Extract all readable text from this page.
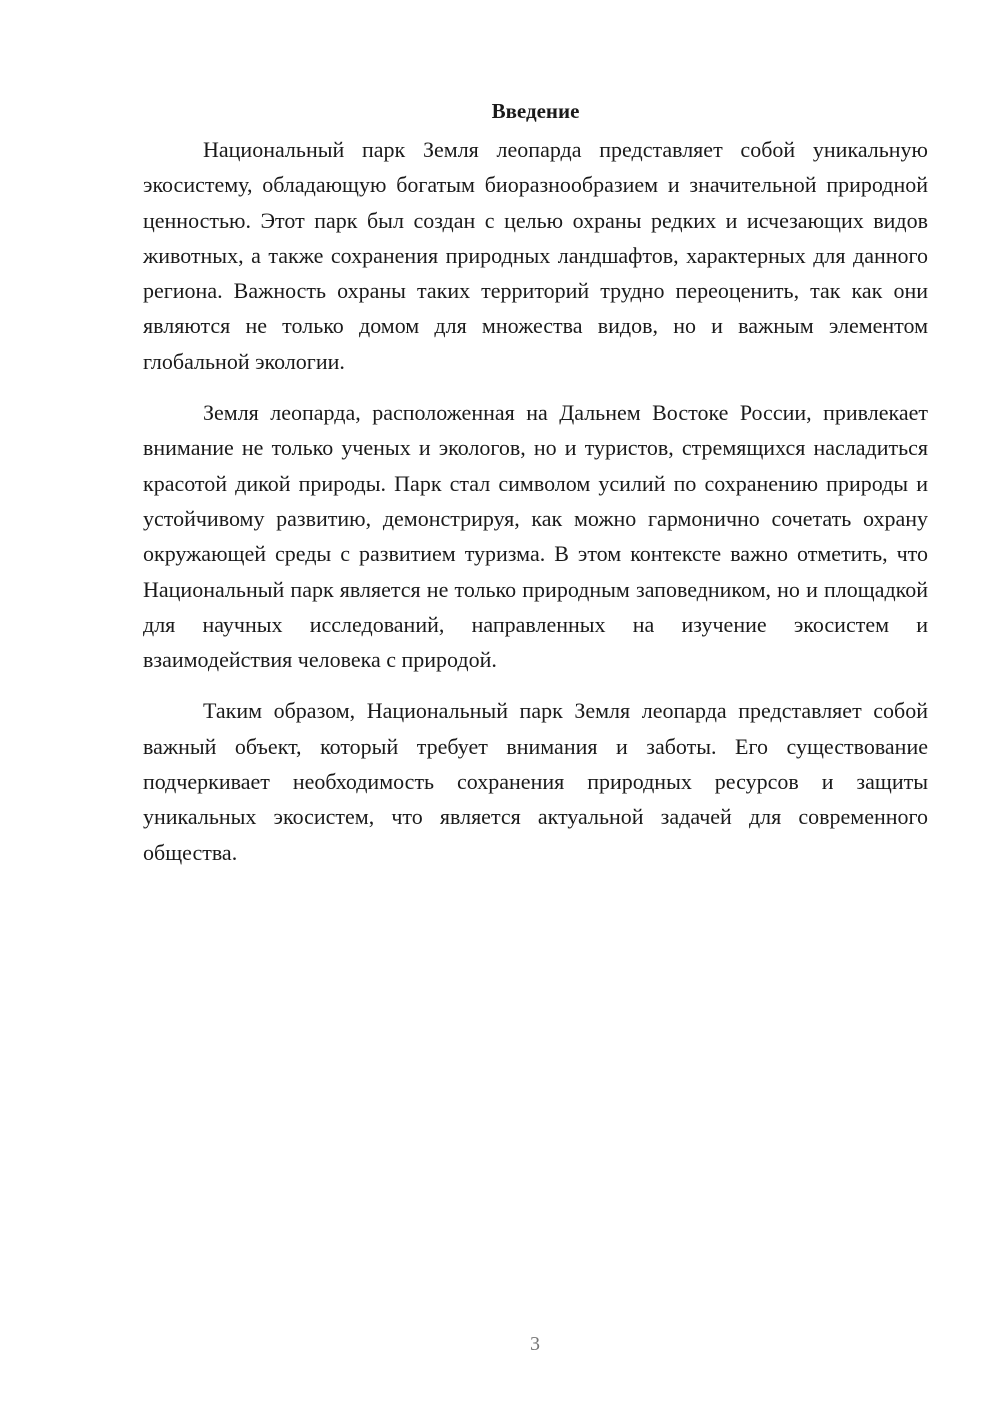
Введение

Национальный парк Земля леопарда представляет собой уникальную экосистему, обладающую богатым биоразнообразием и значительной природной ценностью. Этот парк был создан с целью охраны редких и исчезающих видов животных, а также сохранения природных ландшафтов, характерных для данного региона. Важность охраны таких территорий трудно переоценить, так как они являются не только домом для множества видов, но и важным элементом глобальной экологии.

Земля леопарда, расположенная на Дальнем Востоке России, привлекает внимание не только ученых и экологов, но и туристов, стремящихся насладиться красотой дикой природы. Парк стал символом усилий по сохранению природы и устойчивому развитию, демонстрируя, как можно гармонично сочетать охрану окружающей среды с развитием туризма. В этом контексте важно отметить, что Национальный парк является не только природным заповедником, но и площадкой для научных исследований, направленных на изучение экосистем и взаимодействия человека с природой.

Таким образом, Национальный парк Земля леопарда представляет собой важный объект, который требует внимания и заботы. Его существование подчеркивает необходимость сохранения природных ресурсов и защиты уникальных экосистем, что является актуальной задачей для современного общества.

3
